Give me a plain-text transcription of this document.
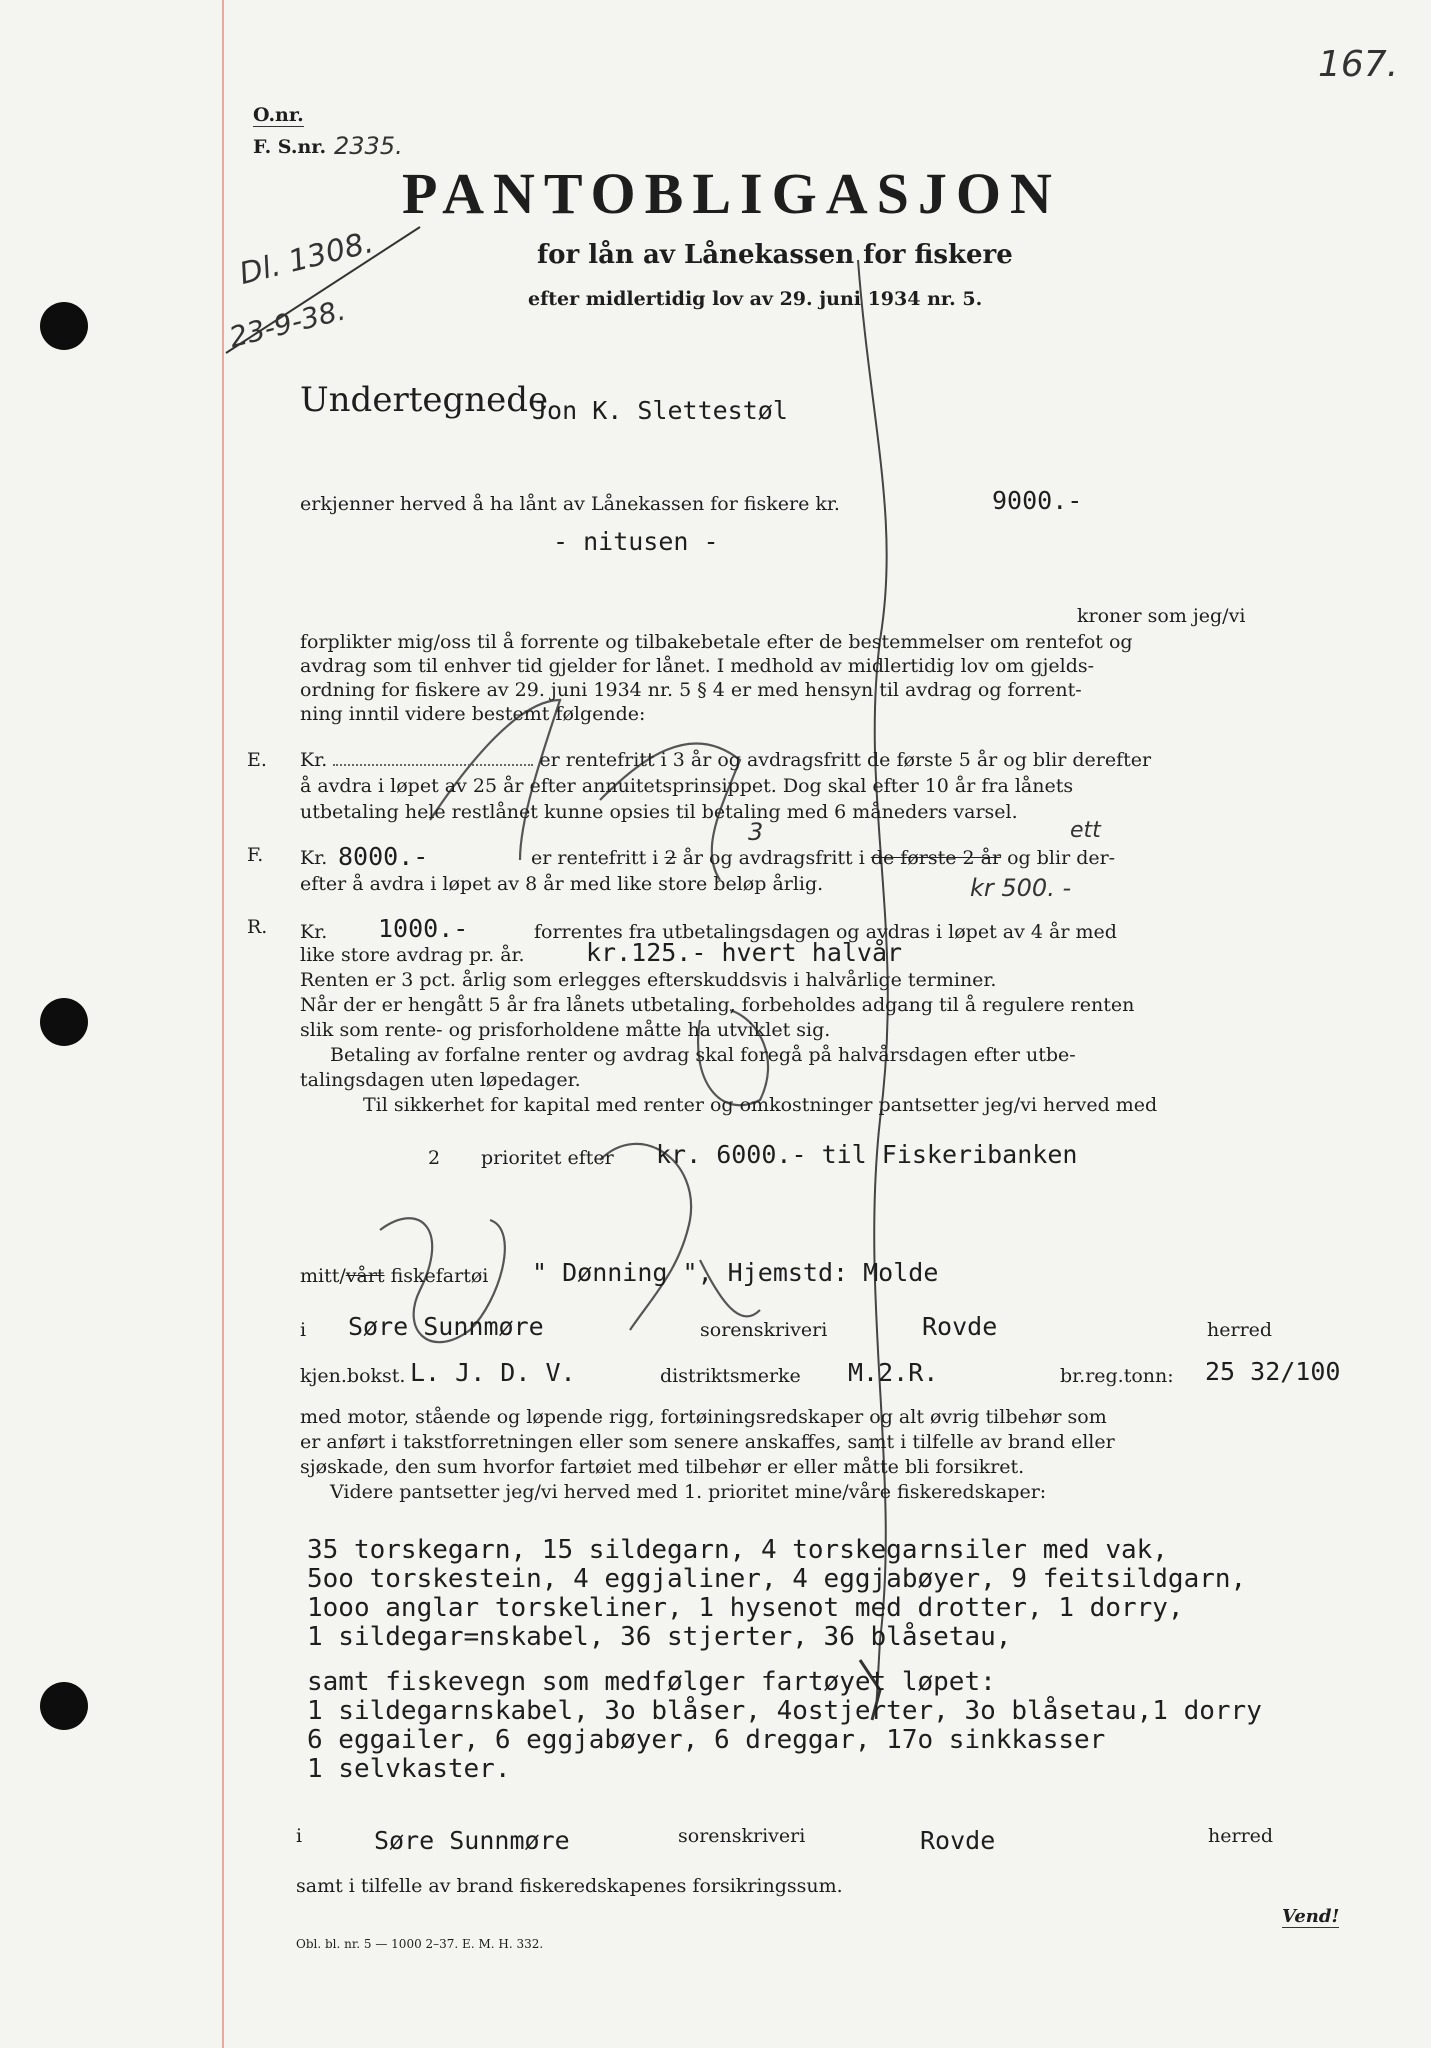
O.nr.
F. S.nr. 2335.
167.
PANTOBLIGASJON
for lån av Lånekassen for fiskere
efter midlertidig lov av 29. juni 1934 nr. 5.
Dl. 1308.
23-9-38.
Undertegnede
Jon K. Slettestøl
erkjenner herved å ha lånt av Lånekassen for fiskere kr.	9000.-
- nitusen -
kroner som jeg/vi
forplikter mig/oss til å forrente og tilbakebetale efter de bestemmelser om rentefot og
avdrag som til enhver tid gjelder for lånet. I medhold av midlertidig lov om gjelds-
ordning for fiskere av 29. juni 1934 nr. 5 § 4 er med hensyn til avdrag og forrent-
ning inntil videre bestemt følgende:
E. Kr.	er rentefritt i 3 år og avdragsfritt de første 5 år og blir derefter
å avdra i løpet av 25 år efter annuitetsprinsippet. Dog skal efter 10 år fra lånets
utbetaling hele restlånet kunne opsies til betaling med 6 måneders varsel.
F. Kr. 8000.-	er rentefritt i 2 år og avdragsfritt i de første 2 år og blir der-
3	ett
efter å avdra i løpet av 8 år med like store beløp årlig.	kr 500. -
R. Kr. 1000.-	forrentes fra utbetalingsdagen og avdras i løpet av 4 år med
like store avdrag pr. år. kr.125.- hvert halvår
Renten er 3 pct. årlig som erlegges efterskuddsvis i halvårlige terminer.
Når der er hengått 5 år fra lånets utbetaling, forbeholdes adgang til å regulere renten
slik som rente- og prisforholdene måtte ha utviklet sig.
Betaling av forfalne renter og avdrag skal foregå på halvårsdagen efter utbe-
talingsdagen uten løpedager.
Til sikkerhet for kapital med renter og omkostninger pantsetter jeg/vi herved med
2 prioritet efter kr. 6000.- til Fiskeribanken
mitt/vårt fiskefartøi " Dønning ", Hjemstd: Molde
i Søre Sunnmøre	sorenskriveri	Rovde	herred
kjen.bokst. L. J. D. V.	distriktsmerke M.2.R.	br.reg.tonn: 25 32/100
med motor, stående og løpende rigg, fortøiningsredskaper og alt øvrig tilbehør som
er anført i takstforretningen eller som senere anskaffes, samt i tilfelle av brand eller
sjøskade, den sum hvorfor fartøiet med tilbehør er eller måtte bli forsikret.
Videre pantsetter jeg/vi herved med 1. prioritet mine/våre fiskeredskaper:
35 torskegarn, 15 sildegarn, 4 torskegarnsiler med vak,
5oo torskestein, 4 eggjaliner, 4 eggjabøyer, 9 feitsildgarn,
1ooo anglar torskeliner, 1 hysenot med drotter, 1 dorry,
1 sildegar=nskabel, 36 stjerter, 36 blåsetau,
samt fiskevegn som medfølger fartøyet løpet:
1 sildegarnskabel, 3o blåser, 4ostjerter, 3o blåsetau,1 dorry
6 eggailer, 6 eggjabøyer, 6 dreggar, 17o sinkkasser
1 selvkaster.
i	Søre Sunnmøre	sorenskriveri	Rovde	herred
samt i tilfelle av brand fiskeredskapenes forsikringssum.
Obl. bl. nr. 5 — 1000 2–37. E. M. H. 332.
Vend!
